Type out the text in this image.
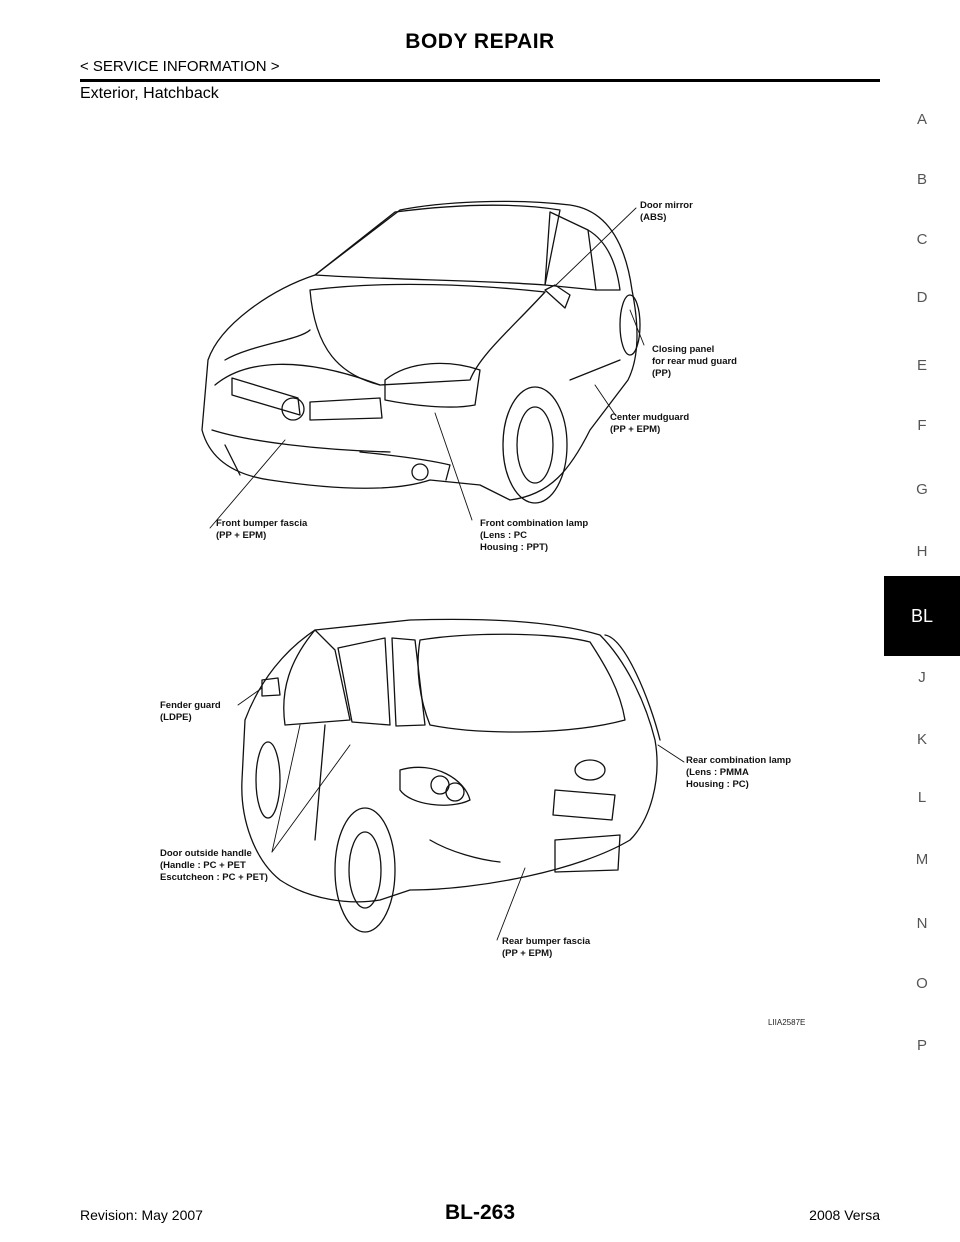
BODY REPAIR
< SERVICE INFORMATION >
Exterior, Hatchback
A
B
C
D
E
F
G
H
BL
J
K
L
M
N
O
P
Door mirror
(ABS)
Closing panel
for rear mud guard
(PP)
Center mudguard
(PP + EPM)
Front bumper fascia
(PP + EPM)
Front combination lamp
(Lens : PC
Housing : PPT)
Fender guard
(LDPE)
Rear combination lamp
(Lens : PMMA
Housing : PC)
Door outside handle
(Handle : PC + PET
Escutcheon : PC + PET)
Rear bumper fascia
(PP + EPM)
LIIA2587E
Revision: May 2007	BL-263	2008 Versa
